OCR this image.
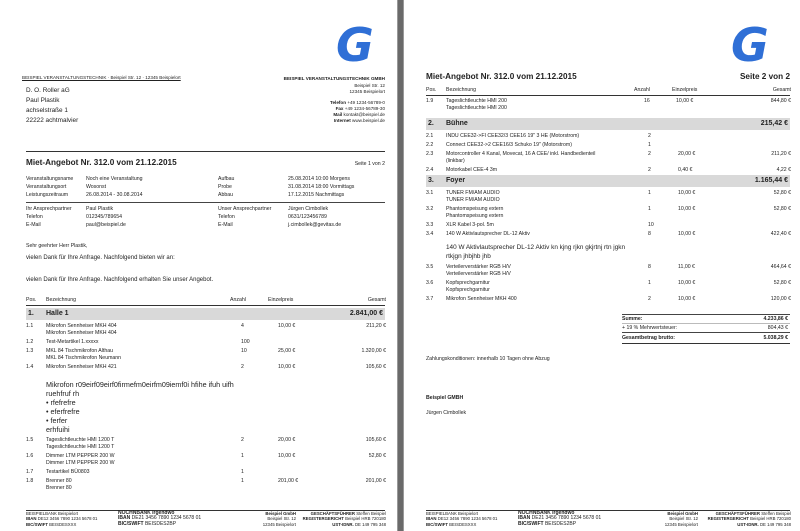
G
BEISPIEL VERANSTALTUNGSTECHNIK · Beispiel Str. 12 · 12345 Beispielort	BEISPIEL VERANSTALTUNGSTECHNIK GMBH
Beispiel Str. 12
12345 Beispielort
Telefon +49 1234-56789-0
Fax +49 1234-56789-30
Mail kontakt@beispiel.de
Internet www.beispiel.de
D. O. Roller aG
Paul Plastik
achselstraße 1
22222 achtmalvier
Miet-Angebot Nr. 312.0 vom 21.12.2015	Seite 1 von 2
Veranstaltungsname Noch eine Veranstaltung	Aufbau	25.08.2014 10:00 Morgens
Veranstaltungsort	Wosonst	Probe	31.08.2014 18:00 Vormittags
Leistungszeitraum	26.08.2014 - 30.08.2014	Abbau	17.12.2015 Nachmittags
Ihr Ansprechpartner	Paul Plastik	Unser Ansprechpartner	Jürgen Cimbollek
Telefon	012345/789654	Telefon	0631/123456789
E-Mail	paul@beispiel.de	E-Mail	j.cimbollek@gevitas.de
Sehr geehrter Herr Plastik,
vielen Dank für Ihre Anfrage. Nachfolgend bieten wir an:
vielen Dank für Ihre Anfrage. Nachfolgend erhalten Sie unser Angebot.
Pos. Bezeichnung	Anzahl	Einzelpreis	Gesamt
1. Halle 1	2.841,00 €
1.1 Mikrofon Sennheiser MKH 404	4	10,00 €	211,20 €
Mikrofon Sennheiser MKH 404
1.2 Test-Metartikel 1.xxxxx	100
1.3 MKL 84 Tischmikrofon Althau	10	25,00 €	1.320,00 €
MKL 84 Tischmikrofon Neumann
1.4 Mikrofon Sennheiser MKH 421	2	10,00 €	105,60 €
Mikrofon r09eirf09eirf0firmefm0eirfm09iemf0i hfihe ifuh uifh
ruehfruf rh
• rfefrefre
• eferfrefre
• ferfer
erhfuihi
1.5 Tageslichtleuchte HMI 1200 T	2	20,00 €	105,60 €
Tageslichtleuchte HMI 1200 T
1.6 Dimmer LTM PEPPER 200 W	1	10,00 €	52,80 €
Dimmer LTM PEPPER 200 W
1.7 Testartikel BÜ0803	1
1.8 Brenner 80	1	201,00 €	201,00 €
Brenner 80
BEISPIELBANK Beispielort
IBAN DE12 3456 7890 1234 5678 01
BIC/SWIFT BEISDESXXX
NOCHNBANK Irgendwo
IBAN DE21 3456 7890 1234 5678 01
BIC/SWIFT BEISDES2BP
Beispiel GmbH
Beispiel Str. 12
12345 Beispielort
GESCHÄFTSFÜHRER Steffen Beispiel
REGISTERGERICHT Beispiel HRB 720180
UST-IDNR. DE 149 795 348
G
Miet-Angebot Nr. 312.0 vom 21.12.2015	Seite 2 von 2
Pos. Bezeichnung	Anzahl	Einzelpreis	Gesamt
1.9 Tageslichtleuchte HMI 200	16	10,00 €	844,80 €
Tageslichtleuchte HMI 200
2. Bühne	215,42 €
2.1 INDU CEE32->FI CEE32/3 CEE16 19" 3 HE (Motorstrom)	2
2.2 Connect CEE32->2 CEE16/3 Schuko 19" (Motorstrom)	1
2.3 Motorcontroller 4 Kanal, Movecat, 16 A CEE/ inkl. Handbedienteil	2	20,00 €	211,20 €
(linkbar)
2.4 Motorkabel CEE-4 3m	2	0,40 €	4,22 €
3. Foyer	1.165,44 €
3.1 TUNER FM/AM AUDIO	1	10,00 €	52,80 €
TUNER FM/AM AUDIO
3.2 Phantomspeisung extern	1	10,00 €	52,80 €
Phantomspeisung extern
3.3 XLR Kabel 3-pol. 5m	10
3.4 140 W Aktivlautsprecher DL-12 Aktiv	8	10,00 €	422,40 €
140 W Aktivlautsprecher DL-12 Aktiv kn kjng rjkn gkjrtnj rtn jgkn
rtkjgn jhbjhb jhb
3.5 Verteilerverstärker RGB H/V	8	11,00 €	464,64 €
Verteilerverstärker RGB H/V
3.6 Kopfsprechgarnitur	1	10,00 €	52,80 €
Kopfsprechgarnitur
3.7 Mikrofon Sennheiser MKH 400	2	10,00 €	120,00 €
Summe:	4.233,86 €
+ 19 % Mehrwertsteuer:	804,43 €
Gesamtbetrag brutto:	5.038,29 €
Zahlungskonditionen: innerhalb 10 Tagen ohne Abzug
Beispiel GMBH
Jürgen Cimbollek
BEISPIELBANK Beispielort
IBAN DE12 3456 7890 1234 5678 01
BIC/SWIFT BEISDESXXX
NOCHNBANK Irgendwo
IBAN DE21 3456 7890 1234 5678 01
BIC/SWIFT BEISDES2BP
Beispiel GmbH
Beispiel Str. 12
12345 Beispielort
GESCHÄFTSFÜHRER Steffen Beispiel
REGISTERGERICHT Beispiel HRB 720180
UST-IDNR. DE 149 795 348
